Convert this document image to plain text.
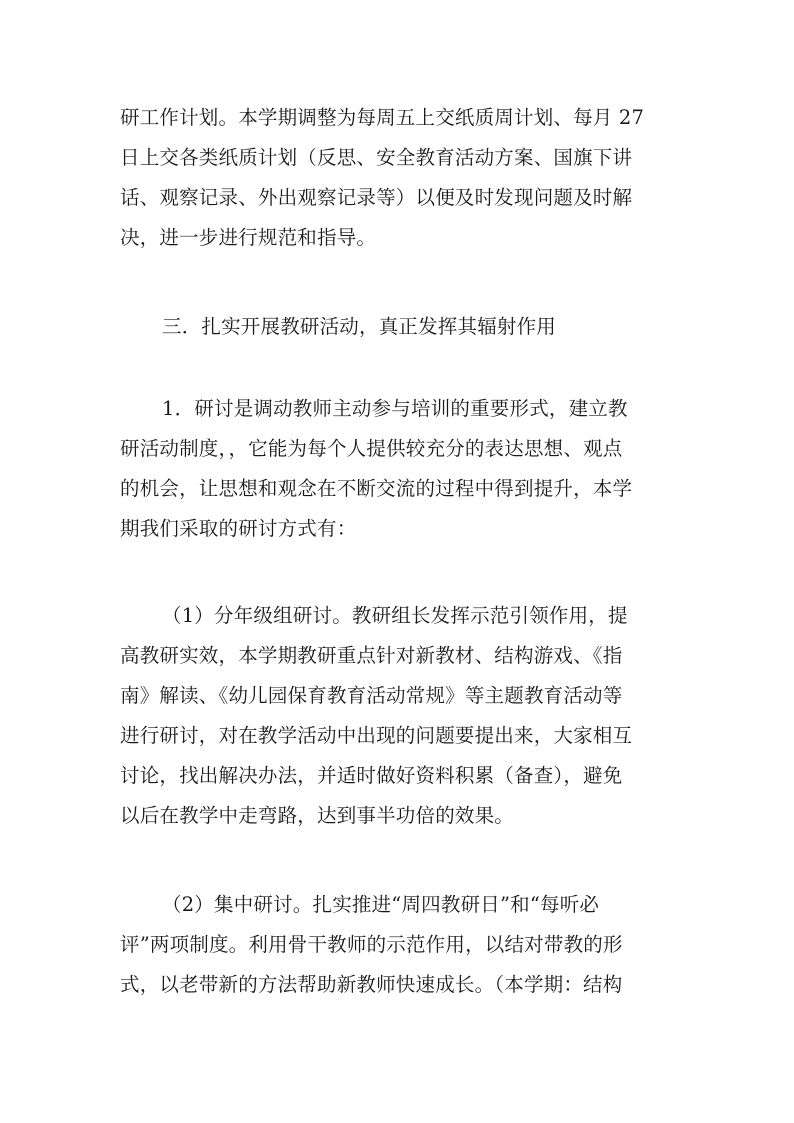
研工作计划。本学期调整为每周五上交纸质周计划、每月 27
日上交各类纸质计划（反思、安全教育活动方案、国旗下讲
话、观察记录、外出观察记录等）以便及时发现问题及时解
决，进一步进行规范和指导。
三．扎实开展教研活动，真正发挥其辐射作用
1．研讨是调动教师主动参与培训的重要形式，建立教
研活动制度，，它能为每个人提供较充分的表达思想、观点
的机会，让思想和观念在不断交流的过程中得到提升，本学
期我们采取的研讨方式有：
（1）分年级组研讨。教研组长发挥示范引领作用，提
高教研实效，本学期教研重点针对新教材、结构游戏、《指
南》解读、《幼儿园保育教育活动常规》等主题教育活动等
进行研讨，对在教学活动中出现的问题要提出来，大家相互
讨论，找出解决办法，并适时做好资料积累（备查），避免
以后在教学中走弯路，达到事半功倍的效果。
（2）集中研讨。扎实推进“周四教研日”和“每听必
评”两项制度。利用骨干教师的示范作用，以结对带教的形
式，以老带新的方法帮助新教师快速成长。（本学期：结构
